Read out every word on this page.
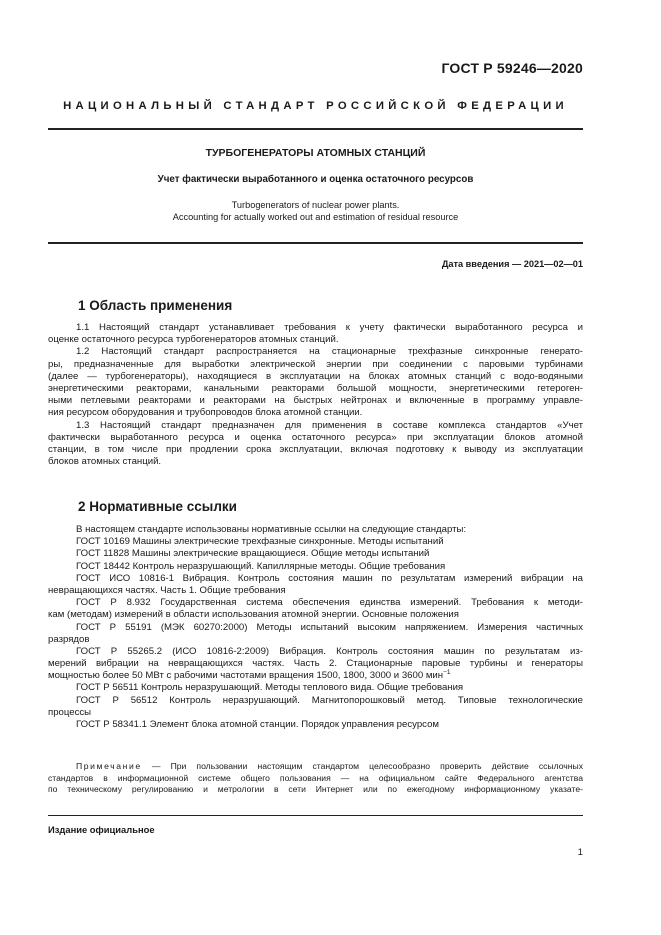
ГОСТ Р 59246—2020
НАЦИОНАЛЬНЫЙ СТАНДАРТ РОССИЙСКОЙ ФЕДЕРАЦИИ
ТУРБОГЕНЕРАТОРЫ АТОМНЫХ СТАНЦИЙ
Учет фактически выработанного и оценка остаточного ресурсов
Turbogenerators of nuclear power plants.
Accounting for actually worked out and estimation of residual resource
Дата введения — 2021—02—01
1 Область применения
1.1 Настоящий стандарт устанавливает требования к учету фактически выработанного ресурса и
оценке остаточного ресурса турбогенераторов атомных станций.
1.2 Настоящий стандарт распространяется на стационарные трехфазные синхронные генерато-
ры, предназначенные для выработки электрической энергии при соединении с паровыми турбинами
(далее — турбогенераторы), находящиеся в эксплуатации на блоках атомных станций с водо-водяными
энергетическими реакторами, канальными реакторами большой мощности, энергетическими гетероген-
ными петлевыми реакторами и реакторами на быстрых нейтронах и включенные в программу управле-
ния ресурсом оборудования и трубопроводов блока атомной станции.
1.3 Настоящий стандарт предназначен для применения в составе комплекса стандартов «Учет
фактически выработанного ресурса и оценка остаточного ресурса» при эксплуатации блоков атомной
станции, в том числе при продлении срока эксплуатации, включая подготовку к выводу из эксплуатации
блоков атомных станций.
2 Нормативные ссылки
В настоящем стандарте использованы нормативные ссылки на следующие стандарты:
ГОСТ 10169 Машины электрические трехфазные синхронные. Методы испытаний
ГОСТ 11828 Машины электрические вращающиеся. Общие методы испытаний
ГОСТ 18442 Контроль неразрушающий. Капиллярные методы. Общие требования
ГОСТ ИСО 10816-1 Вибрация. Контроль состояния машин по результатам измерений вибрации на
невращающихся частях. Часть 1. Общие требования
ГОСТ Р 8.932 Государственная система обеспечения единства измерений. Требования к методи-
кам (методам) измерений в области использования атомной энергии. Основные положения
ГОСТ Р 55191 (МЭК 60270:2000) Методы испытаний высоким напряжением. Измерения частичных
разрядов
ГОСТ Р 55265.2 (ИСО 10816-2:2009) Вибрация. Контроль состояния машин по результатам из-
мерений вибрации на невращающихся частях. Часть 2. Стационарные паровые турбины и генераторы
мощностью более 50 МВт с рабочими частотами вращения 1500, 1800, 3000 и 3600 мин$^{-1}$
ГОСТ Р 56511 Контроль неразрушающий. Методы теплового вида. Общие требования
ГОСТ Р 56512 Контроль неразрушающий. Магнитопорошковый метод. Типовые технологические
процессы
ГОСТ Р 58341.1 Элемент блока атомной станции. Порядок управления ресурсом
Примечание — При пользовании настоящим стандартом целесообразно проверить действие ссылочных
стандартов в информационной системе общего пользования — на официальном сайте Федерального агентства
по техническому регулированию и метрологии в сети Интернет или по ежегодному информационному указате-
Издание официальное
1
